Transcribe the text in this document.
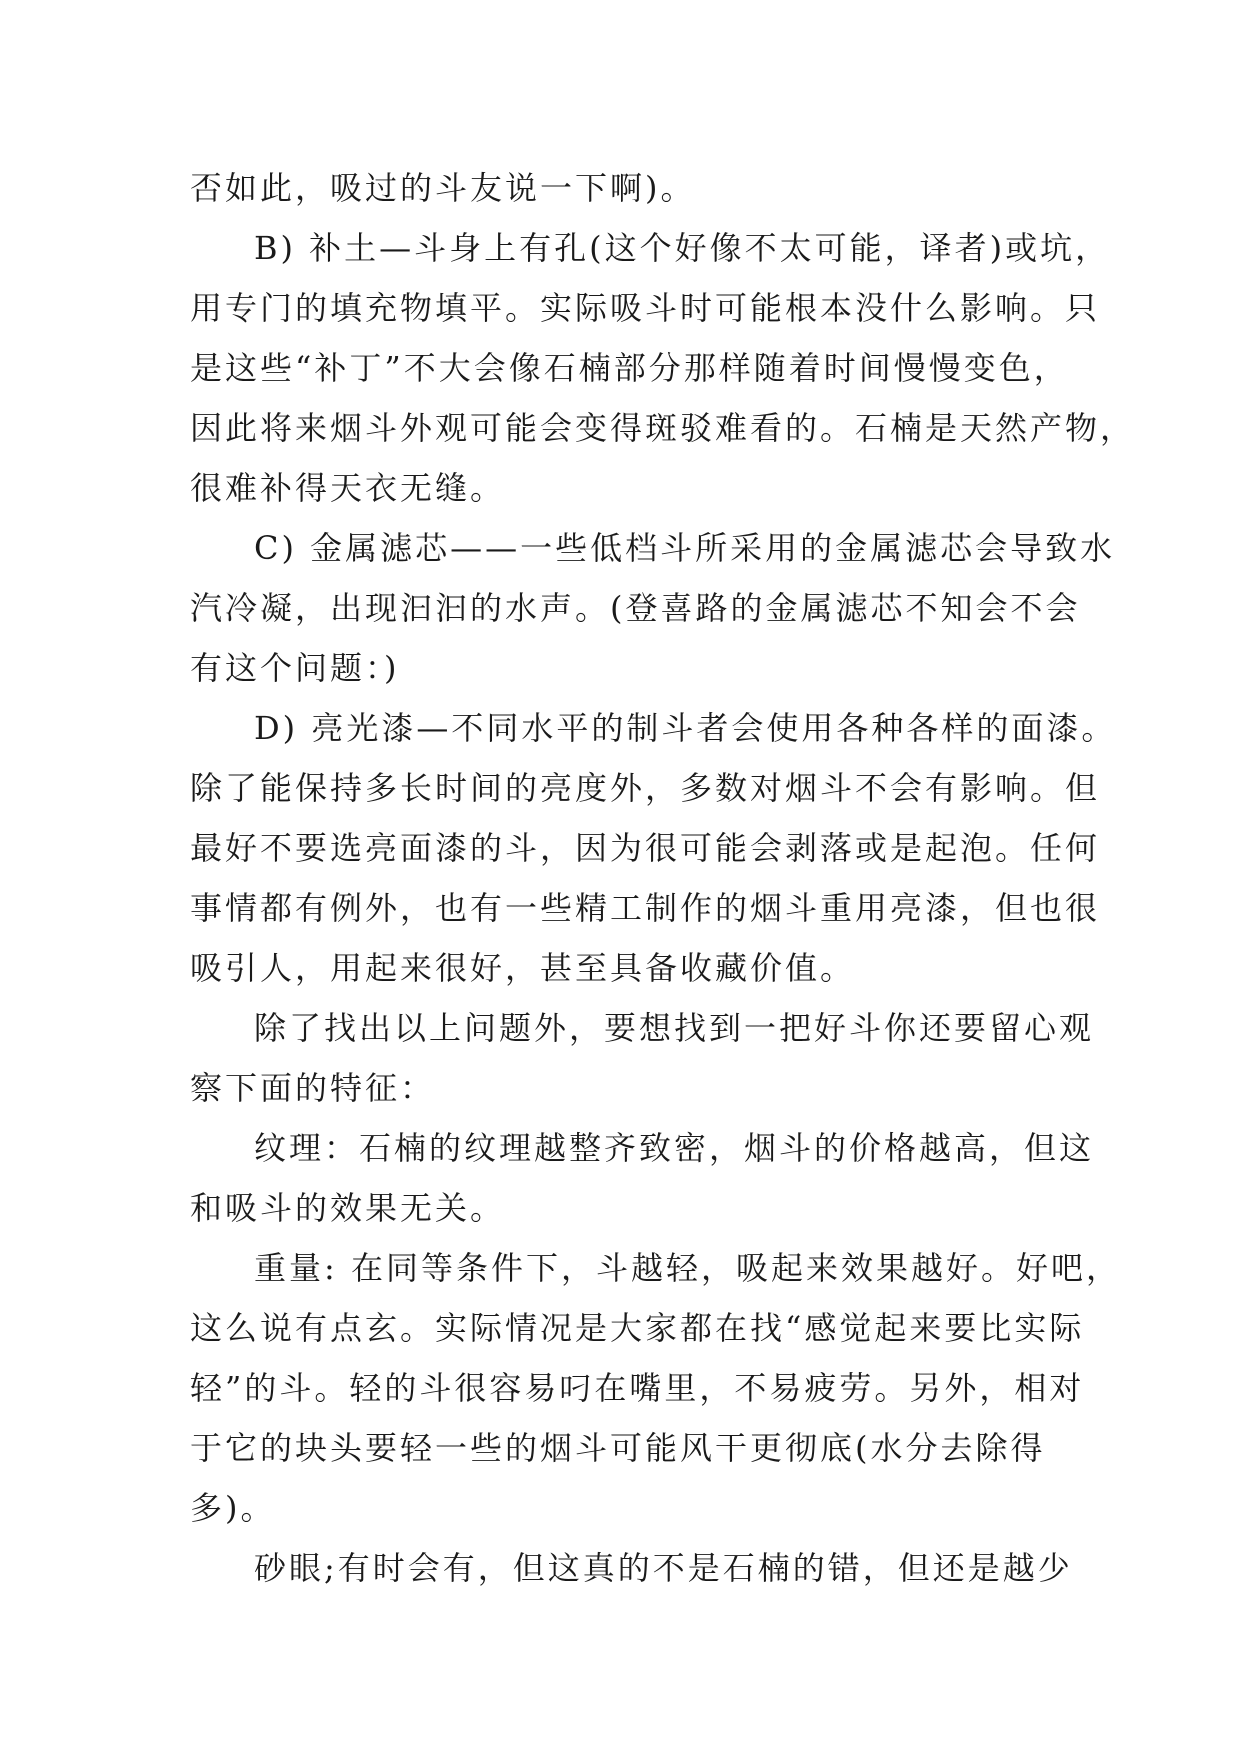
否如此，吸过的斗友说一下啊)。
B) 补土—斗身上有孔(这个好像不太可能，译者)或坑，
用专门的填充物填平。实际吸斗时可能根本没什么影响。只
是这些“补丁”不大会像石楠部分那样随着时间慢慢变色，
因此将来烟斗外观可能会变得斑驳难看的。石楠是天然产物，
很难补得天衣无缝。
C) 金属滤芯——一些低档斗所采用的金属滤芯会导致水
汽冷凝，出现汩汩的水声。(登喜路的金属滤芯不知会不会
有这个问题：)
D) 亮光漆—不同水平的制斗者会使用各种各样的面漆。
除了能保持多长时间的亮度外，多数对烟斗不会有影响。但
最好不要选亮面漆的斗，因为很可能会剥落或是起泡。任何
事情都有例外，也有一些精工制作的烟斗重用亮漆，但也很
吸引人，用起来很好，甚至具备收藏价值。
除了找出以上问题外，要想找到一把好斗你还要留心观
察下面的特征：
纹理：石楠的纹理越整齐致密，烟斗的价格越高，但这
和吸斗的效果无关。
重量: 在同等条件下，斗越轻，吸起来效果越好。好吧，
这么说有点玄。实际情况是大家都在找“感觉起来要比实际
轻”的斗。轻的斗很容易叼在嘴里，不易疲劳。另外，相对
于它的块头要轻一些的烟斗可能风干更彻底(水分去除得
多)。
砂眼;有时会有，但这真的不是石楠的错，但还是越少
